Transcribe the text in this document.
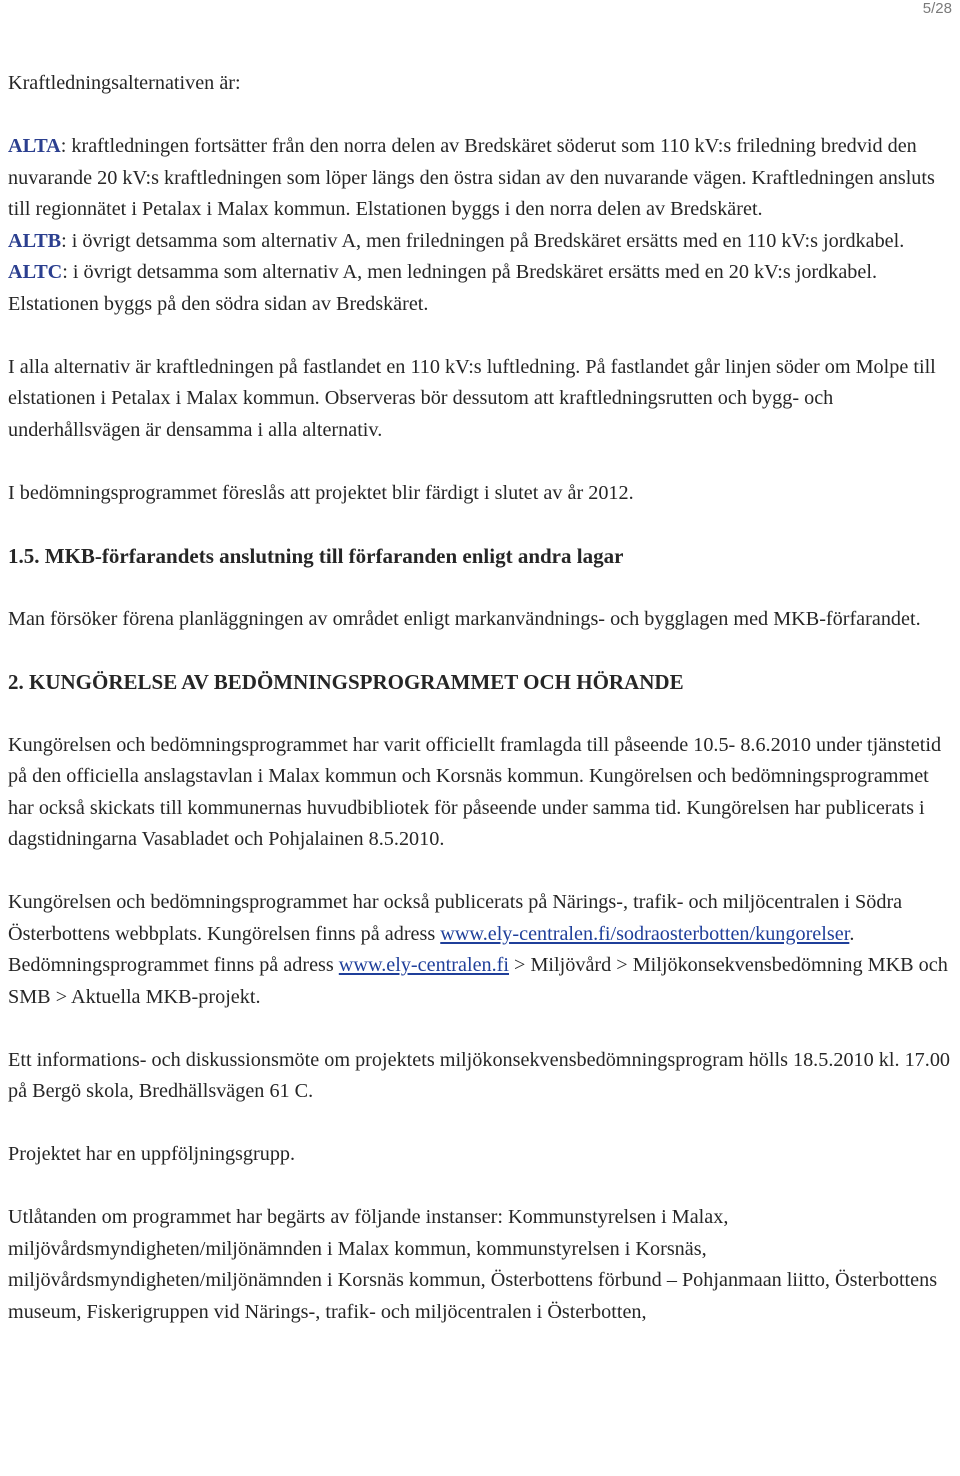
5/28

Kraftledningsalternativen är:

ALTA: kraftledningen fortsätter från den norra delen av Bredskäret söderut som 110 kV:s friledning bredvid den nuvarande 20 kV:s kraftledningen som löper längs den östra sidan av den nuvarande vägen. Kraftledningen ansluts till regionnätet i Petalax i Malax kommun. Elstationen byggs i den norra delen av Bredskäret.

ALTB: i övrigt detsamma som alternativ A, men friledningen på Bredskäret ersätts med en 110 kV:s jordkabel.

ALTC: i övrigt detsamma som alternativ A, men ledningen på Bredskäret ersätts med en 20 kV:s jordkabel. Elstationen byggs på den södra sidan av Bredskäret.

I alla alternativ är kraftledningen på fastlandet en 110 kV:s luftledning. På fastlandet går linjen söder om Molpe till elstationen i Petalax i Malax kommun. Observeras bör dessutom att kraftledningsrutten och bygg- och underhållsvägen är densamma i alla alternativ.

I bedömningsprogrammet föreslås att projektet blir färdigt i slutet av år 2012.

1.5. MKB-förfarandets anslutning till förfaranden enligt andra lagar

Man försöker förena planläggningen av området enligt markanvändnings- och bygglagen med MKB-förfarandet.

2. KUNGÖRELSE AV BEDÖMNINGSPROGRAMMET OCH HÖRANDE

Kungörelsen och bedömningsprogrammet har varit officiellt framlagda till påseende 10.5- 8.6.2010 under tjänstetid på den officiella anslagstavlan i Malax kommun och Korsnäs kommun. Kungörelsen och bedömningsprogrammet har också skickats till kommunernas huvudbibliotek för påseende under samma tid. Kungörelsen har publicerats i dagstidningarna Vasabladet och Pohjalainen 8.5.2010.

Kungörelsen och bedömningsprogrammet har också publicerats på Närings-, trafik- och miljöcentralen i Södra Österbottens webbplats. Kungörelsen finns på adress www.ely-centralen.fi/sodraosterbotten/kungorelser. Bedömningsprogrammet finns på adress www.ely-centralen.fi > Miljövård > Miljökonsekvensbedömning MKB och SMB > Aktuella MKB-projekt.

Ett informations- och diskussionsmöte om projektets miljökonsekvensbedömningsprogram hölls 18.5.2010 kl. 17.00 på Bergö skola, Bredhällsvägen 61 C.

Projektet har en uppföljningsgrupp.

Utlåtanden om programmet har begärts av följande instanser: Kommunstyrelsen i Malax, miljövårdsmyndigheten/miljönämnden i Malax kommun, kommunstyrelsen i Korsnäs, miljövårdsmyndigheten/miljönämnden i Korsnäs kommun, Österbottens förbund – Pohjanmaan liitto, Österbottens museum, Fiskerigruppen vid Närings-, trafik- och miljöcentralen i Österbotten,
